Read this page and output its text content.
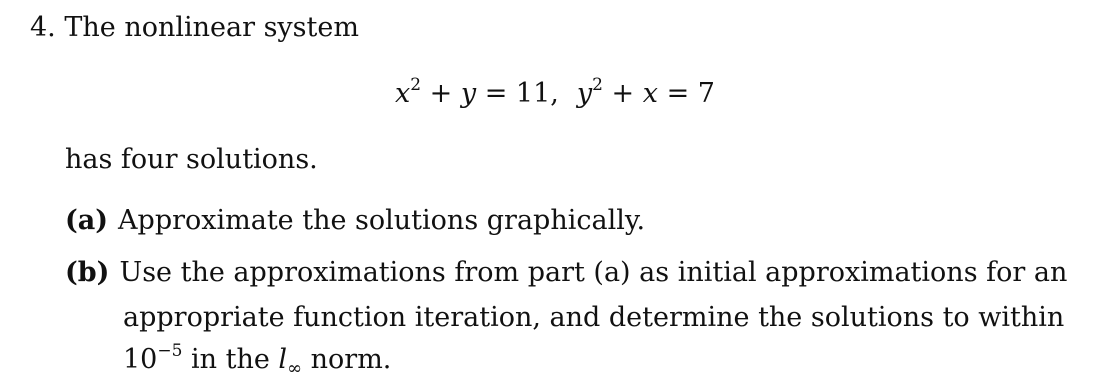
4. The nonlinear system
$x^2 + y = 11$, $y^2 + x = 7$
has four solutions.
(a) Approximate the solutions graphically.
(b) Use the approximations from part (a) as initial approximations for an
appropriate function iteration, and determine the solutions to within
$10^{-5}$ in the $l_\infty$ norm.
